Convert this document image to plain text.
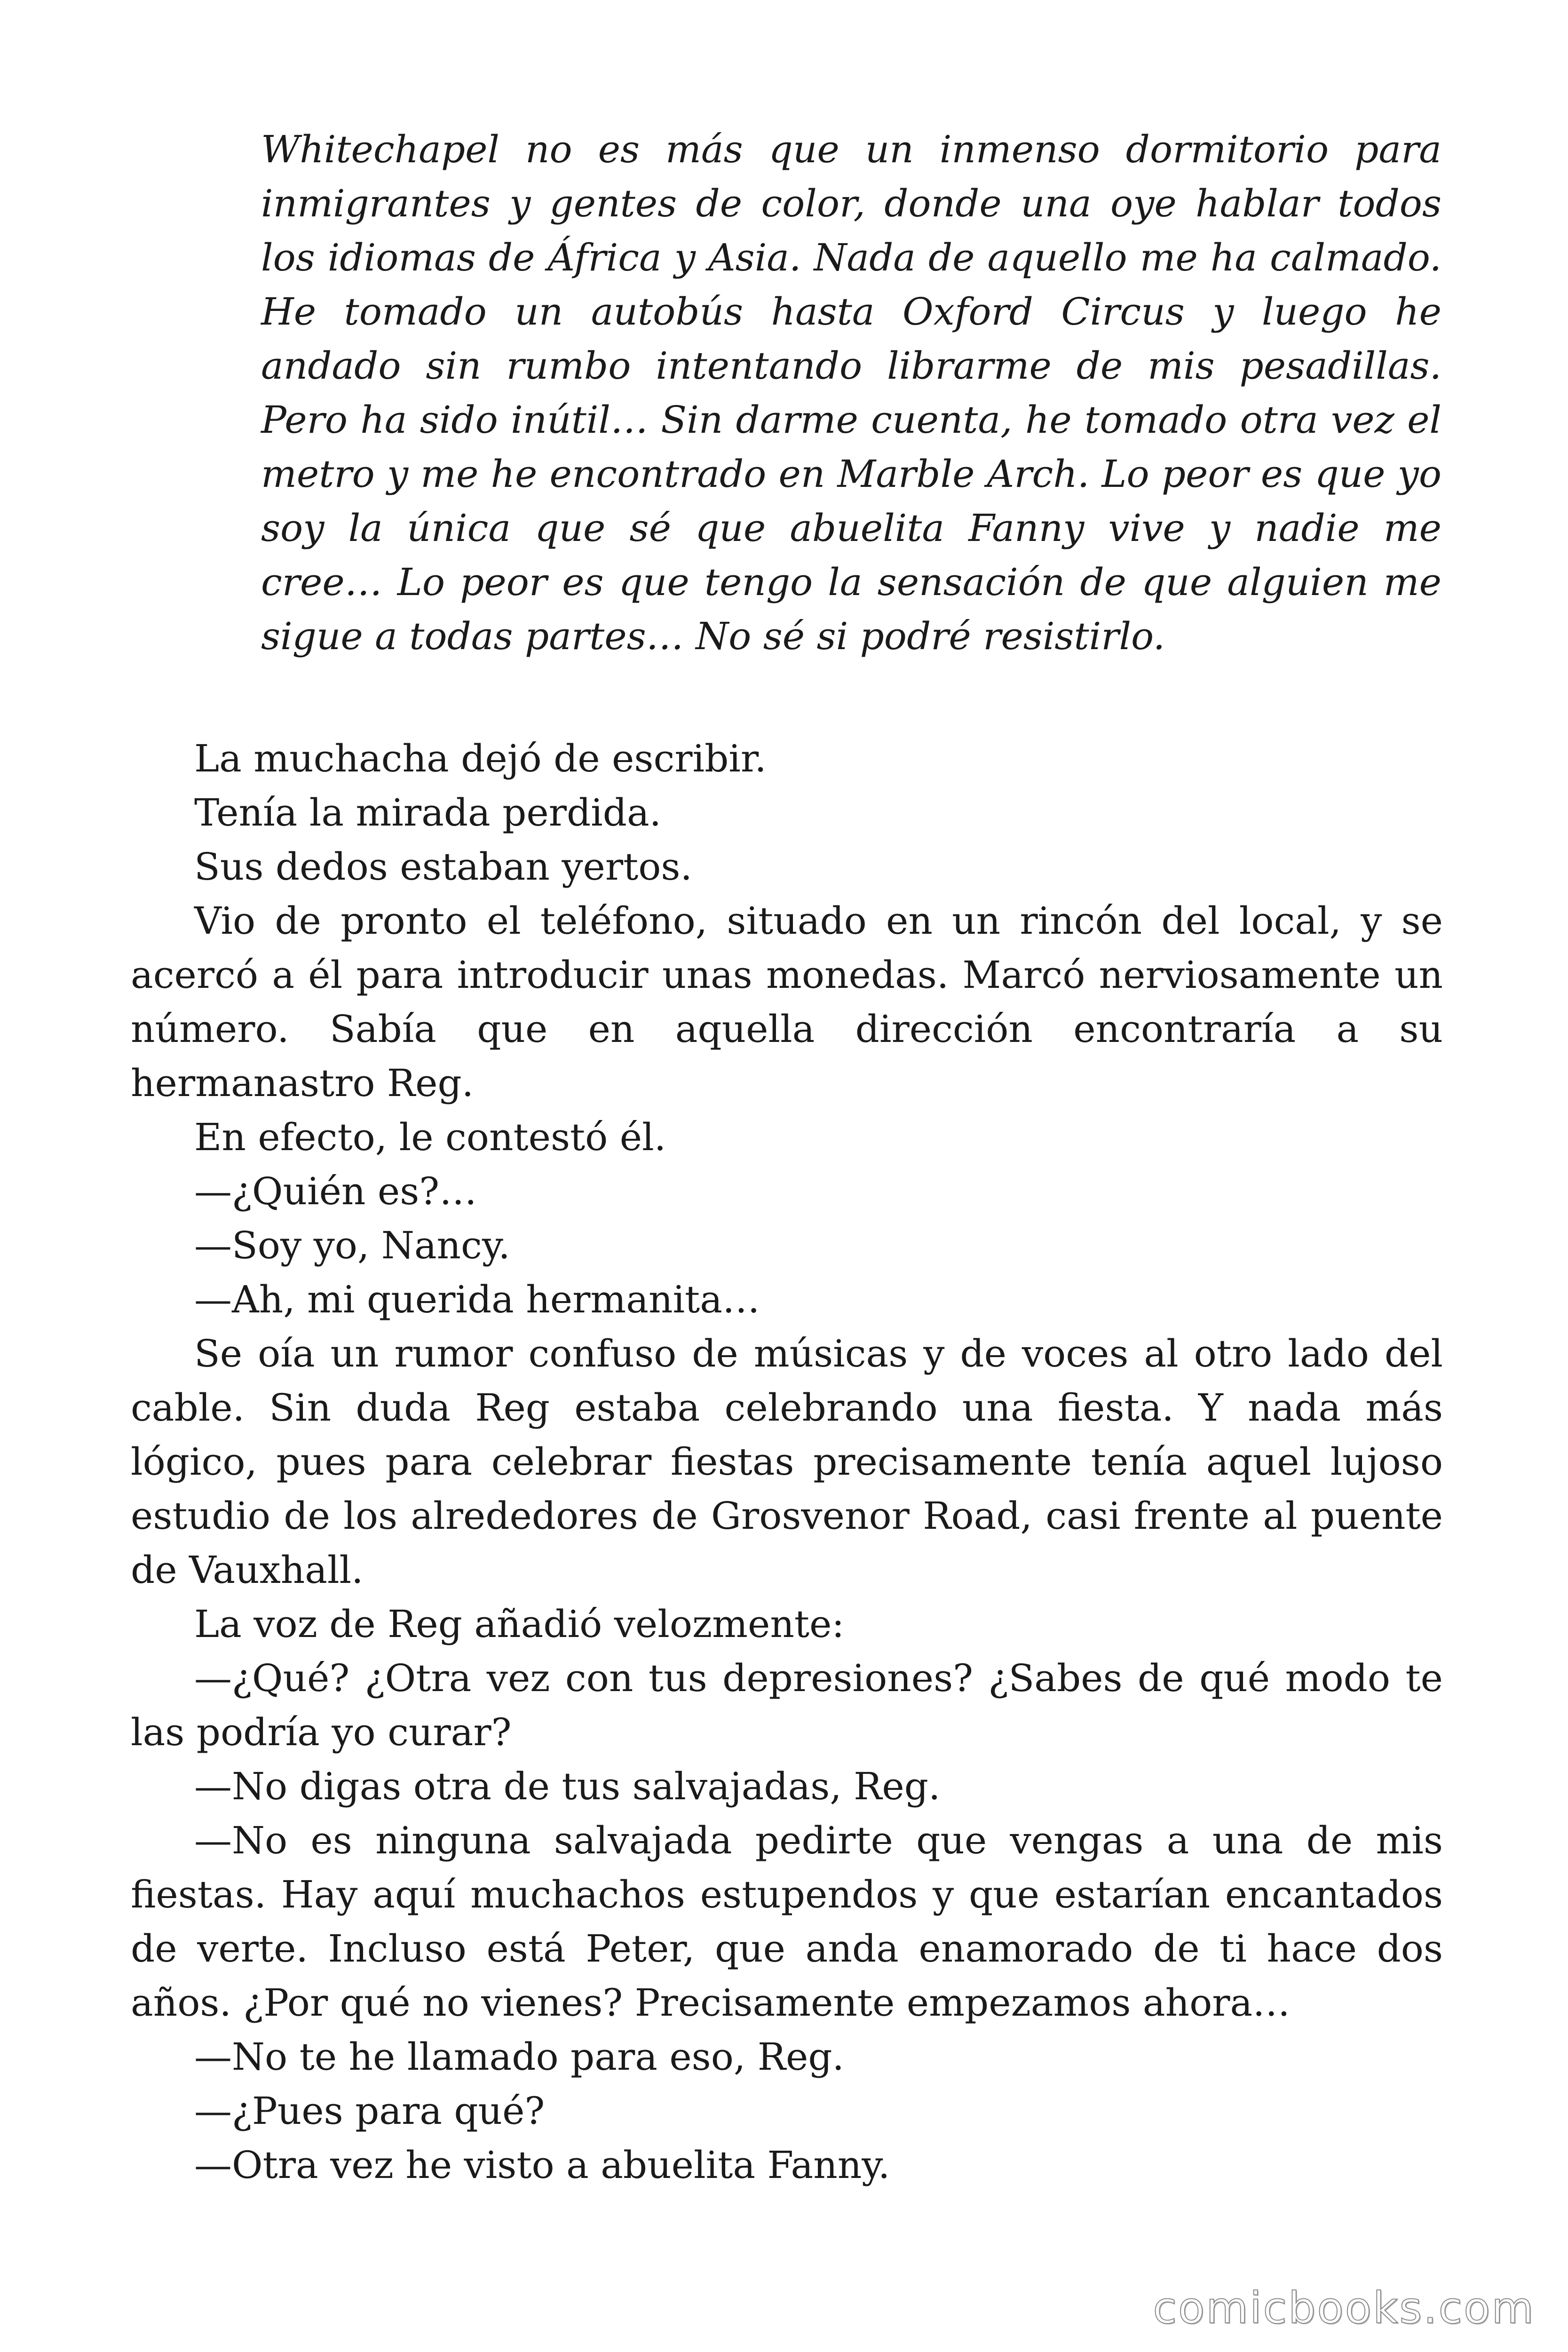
Whitechapel no es más que un inmenso dormitorio para inmigrantes y gentes de color, donde una oye hablar todos los idiomas de África y Asia. Nada de aquello me ha calmado. He tomado un autobús hasta Oxford Circus y luego he andado sin rumbo intentando librarme de mis pesadillas. Pero ha sido inútil… Sin darme cuenta, he tomado otra vez el metro y me he encontrado en Marble Arch. Lo peor es que yo soy la única que sé que abuelita Fanny vive y nadie me cree… Lo peor es que tengo la sensación de que alguien me sigue a todas partes… No sé si podré resistirlo.

La muchacha dejó de escribir.

Tenía la mirada perdida.

Sus dedos estaban yertos.

Vio de pronto el teléfono, situado en un rincón del local, y se acercó a él para introducir unas monedas. Marcó nerviosamente un número. Sabía que en aquella dirección encontraría a su hermanastro Reg.

En efecto, le contestó él.

—¿Quién es?…

—Soy yo, Nancy.

—Ah, mi querida hermanita…

Se oía un rumor confuso de músicas y de voces al otro lado del cable. Sin duda Reg estaba celebrando una fiesta. Y nada más lógico, pues para celebrar fiestas precisamente tenía aquel lujoso estudio de los alrededores de Grosvenor Road, casi frente al puente de Vauxhall.

La voz de Reg añadió velozmente:

—¿Qué? ¿Otra vez con tus depresiones? ¿Sabes de qué modo te las podría yo curar?

—No digas otra de tus salvajadas, Reg.

—No es ninguna salvajada pedirte que vengas a una de mis fiestas. Hay aquí muchachos estupendos y que estarían encantados de verte. Incluso está Peter, que anda enamorado de ti hace dos años. ¿Por qué no vienes? Precisamente empezamos ahora…

—No te he llamado para eso, Reg.

—¿Pues para qué?

—Otra vez he visto a abuelita Fanny.

comicbooks.com
